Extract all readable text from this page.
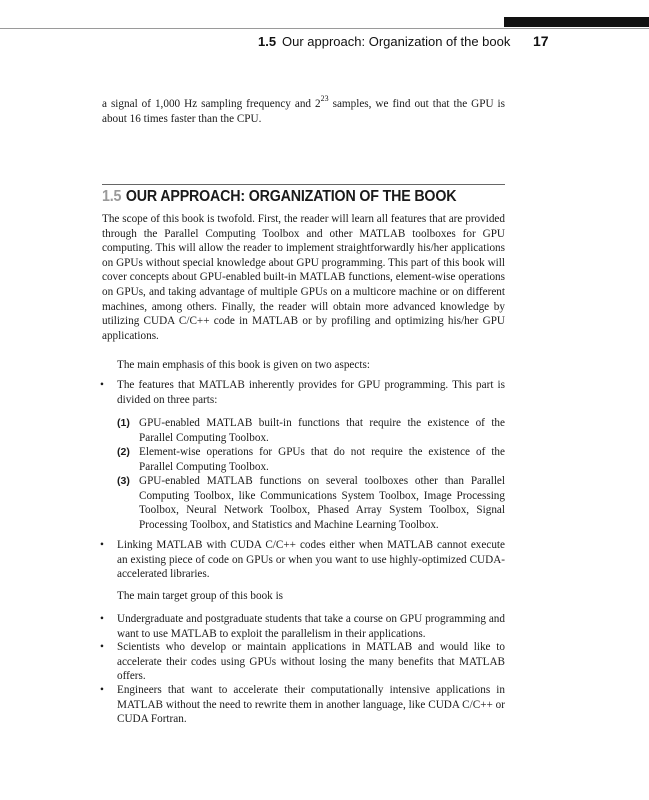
1.5 Our approach: Organization of the book 17
a signal of 1,000 Hz sampling frequency and $2^{23}$ samples, we find out that the GPU is about 16 times faster than the CPU.
1.5 OUR APPROACH: ORGANIZATION OF THE BOOK
The scope of this book is twofold. First, the reader will learn all features that are provided through the Parallel Computing Toolbox and other MATLAB toolboxes for GPU computing. This will allow the reader to implement straightforwardly his/her applications on GPUs without special knowledge about GPU programming. This part of this book will cover concepts about GPU-enabled built-in MATLAB functions, element-wise operations on GPUs, and taking advantage of multiple GPUs on a multicore machine or on different machines, among others. Finally, the reader will obtain more advanced knowledge by utilizing CUDA C/C++ code in MATLAB or by profiling and optimizing his/her GPU applications.
The main emphasis of this book is given on two aspects:
• The features that MATLAB inherently provides for GPU programming. This part is divided on three parts:
(1) GPU-enabled MATLAB built-in functions that require the existence of the Parallel Computing Toolbox.
(2) Element-wise operations for GPUs that do not require the existence of the Parallel Computing Toolbox.
(3) GPU-enabled MATLAB functions on several toolboxes other than Parallel Computing Toolbox, like Communications System Toolbox, Image Processing Toolbox, Neural Network Toolbox, Phased Array System Toolbox, Signal Processing Toolbox, and Statistics and Machine Learning Toolbox.
• Linking MATLAB with CUDA C/C++ codes either when MATLAB cannot execute an existing piece of code on GPUs or when you want to use highly-optimized CUDA-accelerated libraries.
The main target group of this book is
• Undergraduate and postgraduate students that take a course on GPU programming and want to use MATLAB to exploit the parallelism in their applications.
• Scientists who develop or maintain applications in MATLAB and would like to accelerate their codes using GPUs without losing the many benefits that MATLAB offers.
• Engineers that want to accelerate their computationally intensive applications in MATLAB without the need to rewrite them in another language, like CUDA C/C++ or CUDA Fortran.
